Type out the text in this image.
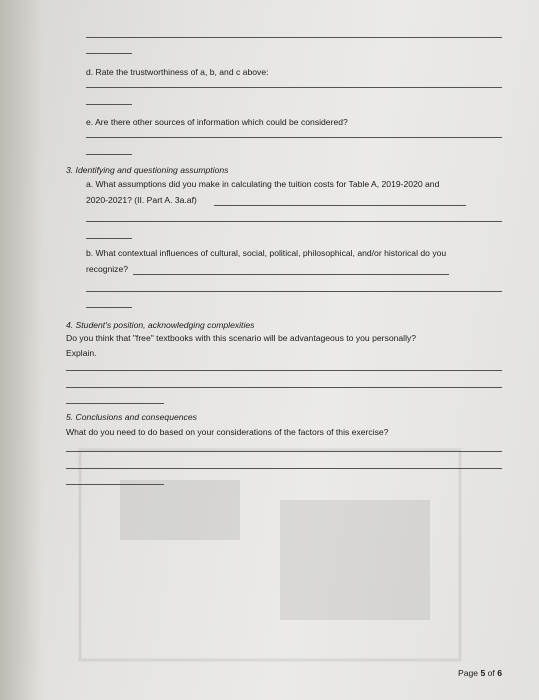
d. Rate the trustworthiness of a, b, and c above:
e. Are there other sources of information which could be considered?
3. Identifying and questioning assumptions
a. What assumptions did you make in calculating the tuition costs for Table A, 2019-2020 and
2020-2021? (II. Part A. 3a.af)
b. What contextual influences of cultural, social, political, philosophical, and/or historical do you
recognize?
4. Student's position, acknowledging complexities
Do you think that "free" textbooks with this scenario will be advantageous to you personally?
Explain.
5. Conclusions and consequences
What do you need to do based on your considerations of the factors of this exercise?
Page 5 of 6
